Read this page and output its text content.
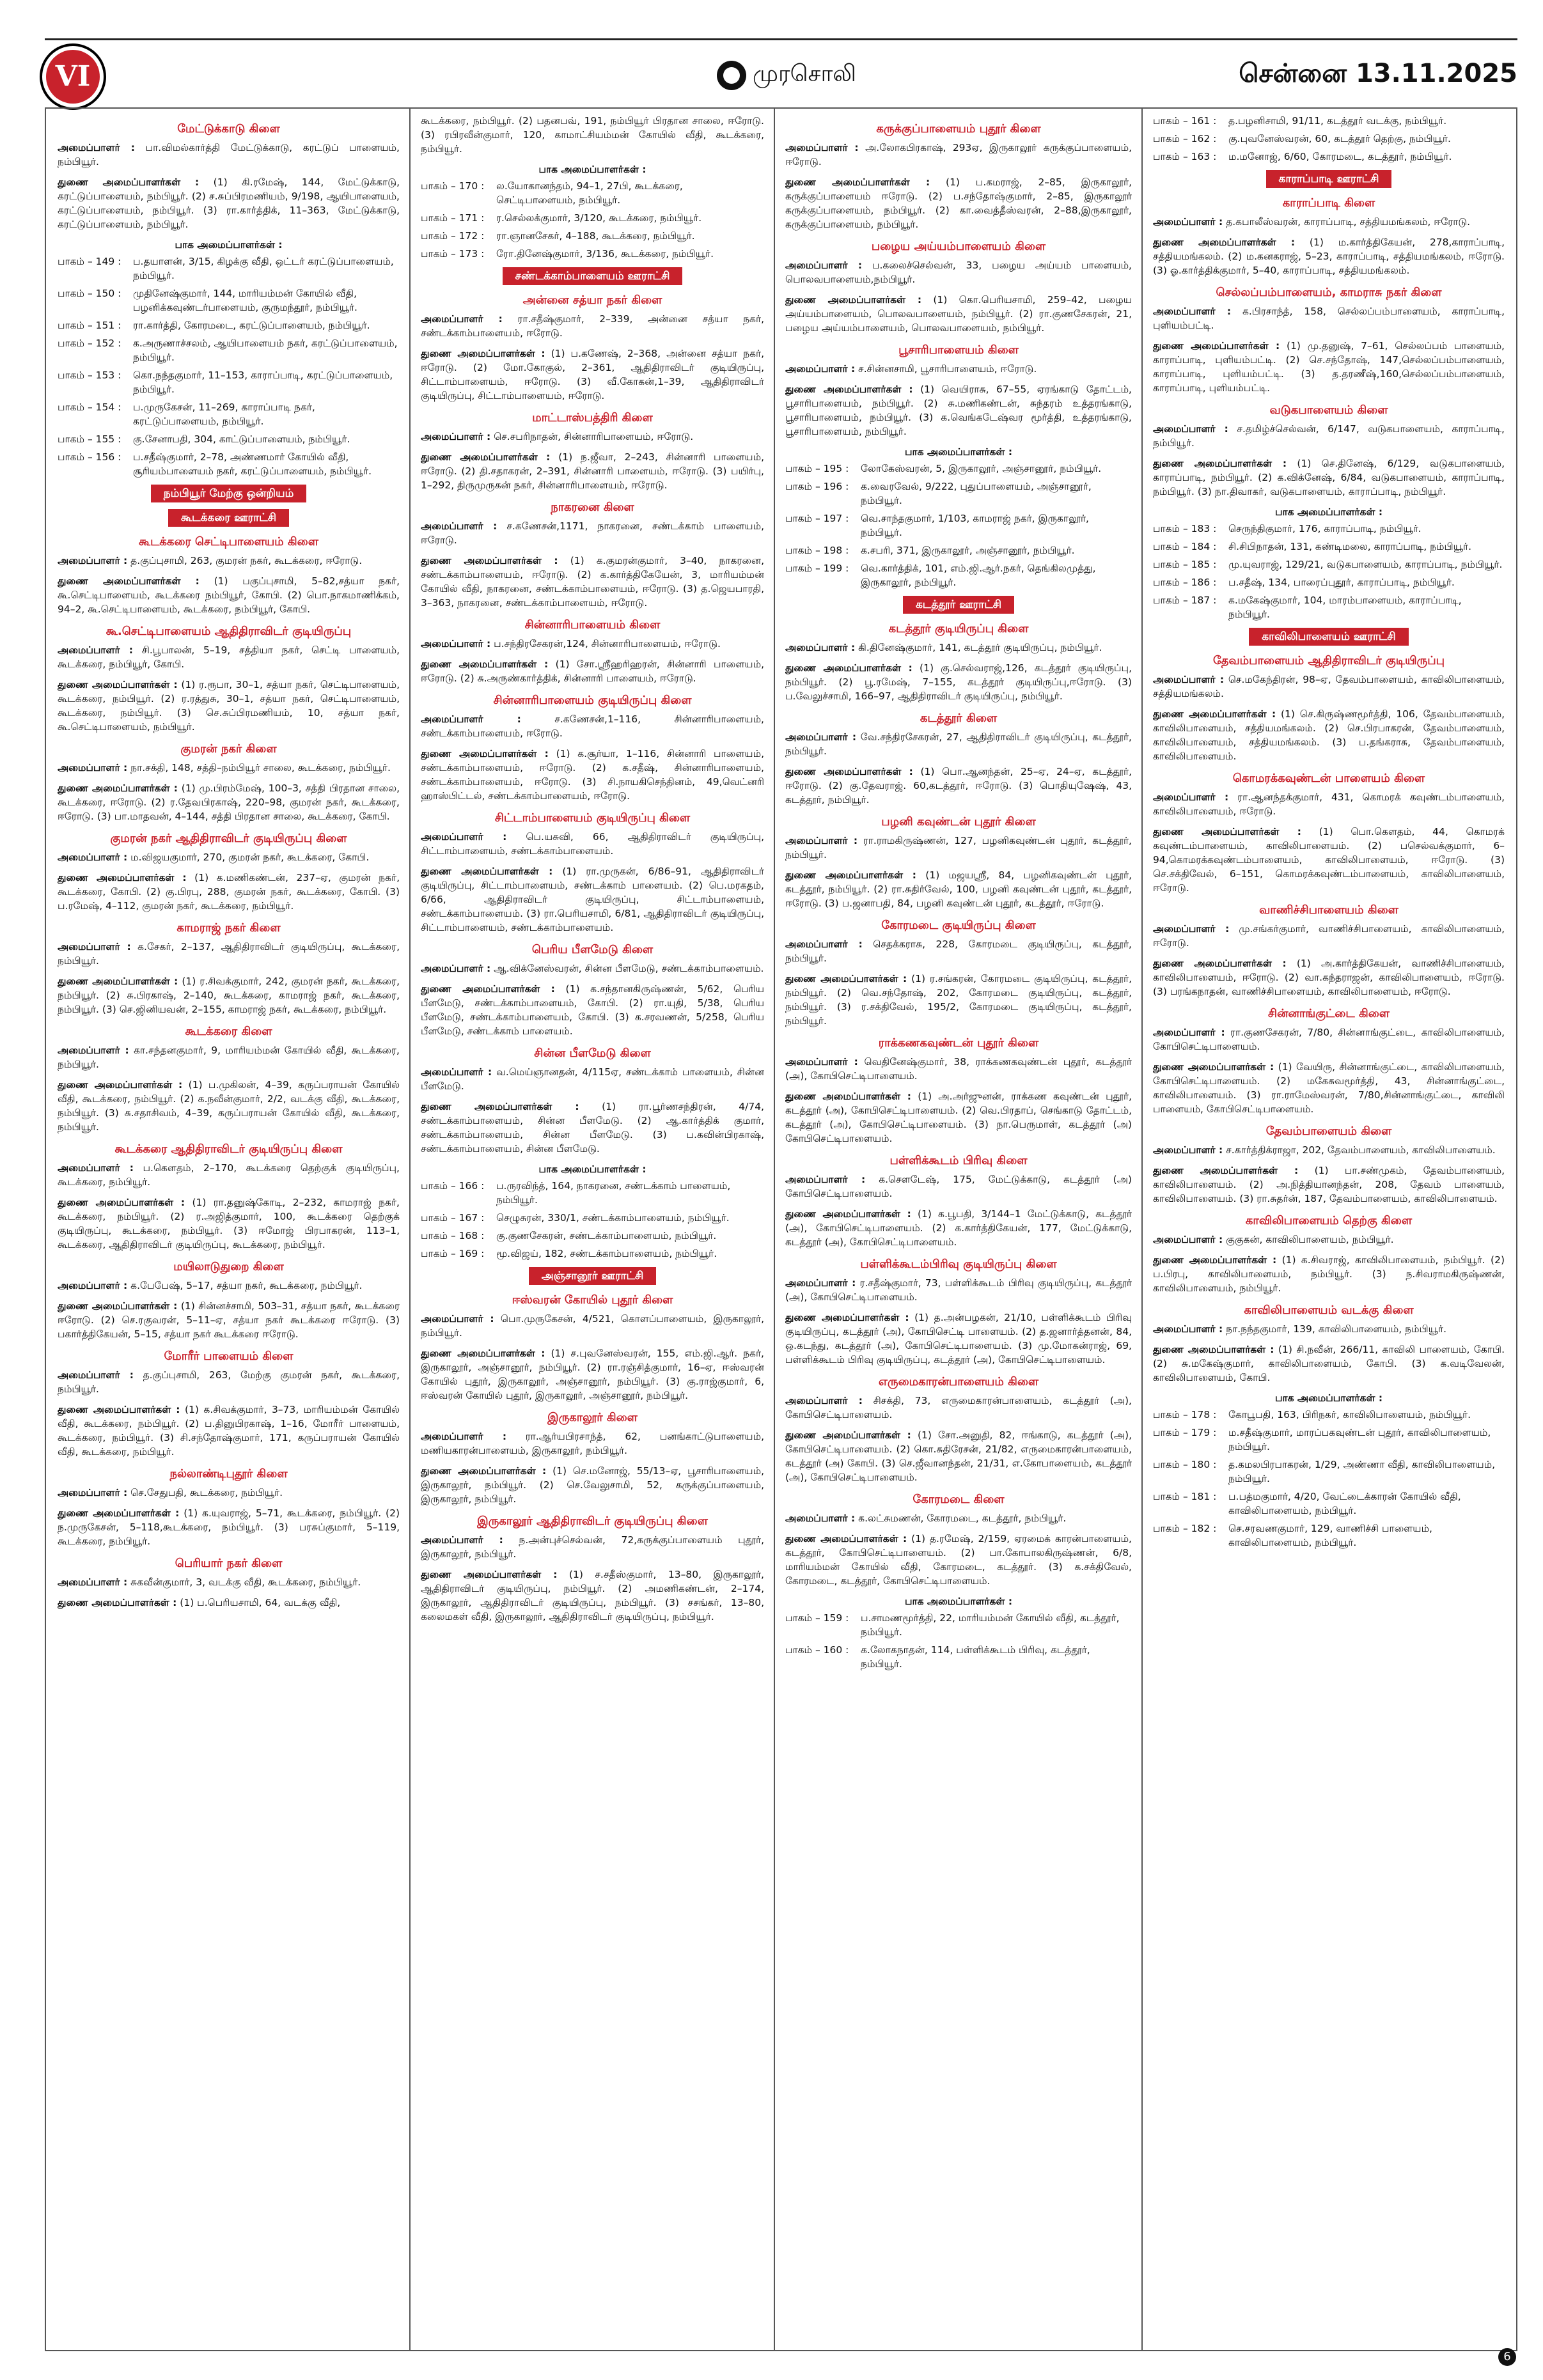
VI	முரசொலி	சென்னை 13.11.2025
மேட்டுக்காடு கிளை

அமைப்பாளர் : பா.விமல்கார்த்தி மேட்டுக்காடு, கரட்டுப் பாளையம், நம்பியூர்.

துணை அமைப்பாளர்கள் : (1) கி.ரமேஷ், 144, மேட்டுக்காடு, கரட்டுப்பாளையம், நம்பியூர். (2) ச.சுப்பிரமணியம், 9/198, ஆயிபாளையம், கரட்டுப்பாளையம், நம்பியூர். (3) ரா.கார்த்திக், 11–363, மேட்டுக்காடு, கரட்டுப்பாளையம், நம்பியூர்.

பாக அமைப்பாளர்கள் :
பாகம் – 149 :	ப.தயாளன், 3/15, கிழக்கு வீதி, ஒட்டர் கரட்டுப்பாளையம், நம்பியூர்.
பாகம் – 150 :	முதினேஷ்குமார், 144, மாரியம்மன் கோயில் வீதி, பழனிக்கவுண்டர்பாளையம், குருமந்தூர், நம்பியூர்.
பாகம் – 151 :	ரா.கார்த்தி, கோரமடை, கரட்டுப்பாளையம், நம்பியூர்.
பாகம் – 152 :	க.அருணாச்சலம், ஆயிபாளையம் நகர், கரட்டுப்பாளையம், நம்பியூர்.
பாகம் – 153 :	கொ.நந்தகுமார், 11–153, காராப்பாடி, கரட்டுப்பாளையம், நம்பியூர்.
பாகம் – 154 :	ப.முருகேசன், 11–269, காராப்பாடி நகர், கரட்டுப்பாளையம், நம்பியூர்.
பாகம் – 155 :	கு.சேனாபதி, 304, காட்டுப்பாளையம், நம்பியூர்.
பாகம் – 156 :	ப.சதீஷ்குமார், 2–78, அண்ணமார் கோயில் வீதி, சூரியம்பாளையம் நகர், கரட்டுப்பாளையம், நம்பியூர்.
நம்பியூர் மேற்கு ஒன்றியம்
கூடக்கரை ஊராட்சி
கூடக்கரை செட்டிபாளையம் கிளை

அமைப்பாளர் : த.குப்புசாமி, 263, குமரன் நகர், கூடக்கரை, ஈரோடு.

துணை அமைப்பாளர்கள் : (1) பகுப்புசாமி, 5–82,சத்யா நகர், கூ.செட்டிபாளையம், கூடக்கரை நம்பியூர், கோபி. (2) பொ.நாகமாணிக்கம், 94–2, கூ.செட்டிபாளையம், கூடக்கரை, நம்பியூர், கோபி.

கூ.செட்டிபாளையம் ஆதிதிராவிடர் குடியிருப்பு

அமைப்பாளர் : சி.பூபாலன், 5–19, சத்தியா நகர், செட்டி பாளையம், கூடக்கரை, நம்பியூர், கோபி.

துணை அமைப்பாளர்கள் : (1) ர.ரூபா, 30–1, சத்யா நகர், செட்டிபாளையம், கூடக்கரை, நம்பியூர். (2) ர.ரத்துசு, 30–1, சத்யா நகர், செட்டிபாளையம், கூடக்கரை, நம்பியூர். (3) செ.சுப்பிரமணியம், 10, சத்யா நகர், கூ.செட்டிபாளையம், நம்பியூர்.

குமரன் நகர் கிளை

அமைப்பாளர் : நா.சக்தி, 148, சத்தி–நம்பியூர் சாலை, கூடக்கரை, நம்பியூர்.

துணை அமைப்பாளர்கள் : (1) மு.பிரம்மேஷ், 100–3, சத்தி பிரதான சாலை, கூடக்கரை, ஈரோடு. (2) ர.தேவபிரகாஷ், 220–98, குமரன் நகர், கூடக்கரை, ஈரோடு. (3) பா.மாதவன், 4–144, சத்தி பிரதான சாலை, கூடக்கரை, கோபி.

குமரன் நகர் ஆதிதிராவிடர் குடியிருப்பு கிளை

அமைப்பாளர் : ம.விஜயகுமார், 270, குமரன் நகர், கூடக்கரை, கோபி.

துணை அமைப்பாளர்கள் : (1) க.மணிகண்டன், 237–ஏ, குமரன் நகர், கூடக்கரை, கோபி. (2) கு.பிரபு, 288, குமரன் நகர், கூடக்கரை, கோபி. (3) ப.ரமேஷ், 4–112, குமரன் நகர், கூடக்கரை, நம்பியூர்.

காமராஜ் நகர் கிளை

அமைப்பாளர் : க.சேகர், 2–137, ஆதிதிராவிடர் குடியிருப்பு, கூடக்கரை, நம்பியூர்.

துணை அமைப்பாளர்கள் : (1) ர.சிவக்குமார், 242, குமரன் நகர், கூடக்கரை, நம்பியூர். (2) சு.பிரகாஷ், 2–140, கூடக்கரை, காமராஜ் நகர், கூடக்கரை, நம்பியூர். (3) செ.ஜினியவன், 2–155, காமராஜ் நகர், கூடக்கரை, நம்பியூர்.

கூடக்கரை கிளை

அமைப்பாளர் : கா.சந்தனகுமார், 9, மாரியம்மன் கோயில் வீதி, கூடக்கரை, நம்பியூர்.

துணை அமைப்பாளர்கள் : (1) ப.முகிலன், 4–39, கருப்பராயன் கோயில் வீதி, கூடக்கரை, நம்பியூர். (2) க.நவீன்குமார், 2/2, வடக்கு வீதி, கூடக்கரை, நம்பியூர். (3) சு.சதாசிவம், 4–39, கருப்பராயன் கோயில் வீதி, கூடக்கரை, நம்பியூர்.

கூடக்கரை ஆதிதிராவிடர் குடியிருப்பு கிளை

அமைப்பாளர் : ப.கௌதம், 2–170, கூடக்கரை தெற்குக் குடியிருப்பு, கூடக்கரை, நம்பியூர்.

துணை அமைப்பாளர்கள் : (1) ரா.தனுஷ்கோடி, 2–232, காமராஜ் நகர், கூடக்கரை, நம்பியூர். (2) ர.அஜித்குமார், 100, கூடக்கரை தெற்குக் குடியிருப்பு, கூடக்கரை, நம்பியூர். (3) ஈமோஜ் பிரபாகரன், 113–1, கூடக்கரை, ஆதிதிராவிடர் குடியிருப்பு, கூடக்கரை, நம்பியூர்.

மயிலாடுதுறை கிளை

அமைப்பாளர் : க.பேபேஷ், 5–17, சத்யா நகர், கூடக்கரை, நம்பியூர்.

துணை அமைப்பாளர்கள் : (1) சின்னச்சாமி, 503–31, சத்யா நகர், கூடக்கரை ஈரோடு. (2) செ.ரகுவரன், 5–11–ஏ, சத்யா நகர் கூடக்கரை ஈரோடு. (3) பகார்த்திகேயன், 5–15, சத்யா நகர் கூடக்கரை ஈரோடு.

மோரீர் பாளையம் கிளை

அமைப்பாளர் : த.குப்புசாமி, 263, மேற்கு குமரன் நகர், கூடக்கரை, நம்பியூர்.

துணை அமைப்பாளர்கள் : (1) க.சிவக்குமார், 3–73, மாரியம்மன் கோயில் வீதி, கூடக்கரை, நம்பியூர். (2) ப.தினுபிரகாஷ், 1–16, மோரீர் பாளையம், கூடக்கரை, நம்பியூர். (3) சி.சந்தோஷ்குமார், 171, கருப்பராயன் கோயில் வீதி, கூடக்கரை, நம்பியூர்.

நல்லாண்டிபுதூர் கிளை

அமைப்பாளர் : செ.சேதுபதி, கூடக்கரை, நம்பியூர்.

துணை அமைப்பாளர்கள் : (1) க.யுவராஜ், 5–71, கூடக்கரை, நம்பியூர். (2) ந.முருகேசன், 5–118,கூடக்கரை, நம்பியூர். (3) பரசுப்குமார், 5–119, கூடக்கரை, நம்பியூர்.

பெரியார் நகர் கிளை

அமைப்பாளர் : சுகவீன்குமார், 3, வடக்கு வீதி, கூடக்கரை, நம்பியூர்.

துணை அமைப்பாளர்கள் : (1) ப.பெரியசாமி, 64, வடக்கு வீதி,

கூடக்கரை, நம்பியூர். (2) பதனபவ், 191, நம்பியூர் பிரதான சாலை, ஈரோடு. (3) ரபிரவீன்குமார், 120, காமாட்சியம்மன் கோயில் வீதி, கூடக்கரை, நம்பியூர்.

பாக அமைப்பாளர்கள் :
பாகம் – 170 :	ல.யோகானந்தம், 94–1, 27பி, கூடக்கரை, செட்டிபாளையம், நம்பியூர்.
பாகம் – 171 :	ர.செல்லக்குமார், 3/120, கூடக்கரை, நம்பியூர்.
பாகம் – 172 :	ரா.ஞானசேகர், 4–188, கூடக்கரை, நம்பியூர்.
பாகம் – 173 :	ரோ.தினேஷ்குமார், 3/136, கூடக்கரை, நம்பியூர்.
சண்டக்காம்பாளையம் ஊராட்சி
அன்னை சத்யா நகர் கிளை

அமைப்பாளர் : ரா.சதீஷ்குமார், 2–339, அன்னை சத்யா நகர், சண்டக்காம்பாளையம், ஈரோடு.

துணை அமைப்பாளர்கள் : (1) ப.கணேஷ், 2–368, அன்னை சத்யா நகர், ஈரோடு. (2) மோ.கோகுல், 2–361, ஆதிதிராவிடர் குடியிருப்பு, சிட்டாம்பாளையம், ஈரோடு. (3) வீ.கோகன்,1–39, ஆதிதிராவிடர் குடியிருப்பு, சிட்டாம்பாளையம், ஈரோடு.

மாட்டாஸ்பத்திரி கிளை

அமைப்பாளர் : செ.சபரிநாதன், சின்னாரிபாளையம், ஈரோடு.

துணை அமைப்பாளர்கள் : (1) ந.ஜீவா, 2–243, சின்னாரி பாளையம், ஈரோடு. (2) தி.சதாகரன், 2–391, சின்னாரி பாளையம், ஈரோடு. (3) பயிர்பு, 1–292, திருமுருகன் நகர், சின்னாரிபாளையம், ஈரோடு.

நாகரனை கிளை

அமைப்பாளர் : ச.கணேசன்,1171, நாகரனை, சண்டக்காம் பாளையம், ஈரோடு.

துணை அமைப்பாளர்கள் : (1) க.குமரன்குமார், 3–40, நாகரனை, சண்டக்காம்பாளையம், ஈரோடு. (2) க.கார்த்திகேயேன், 3, மாரியம்மன் கோயில் வீதி, நாகரனை, சண்டக்காம்பாளையம், ஈரோடு. (3) த.ஜெயபாரதி, 3–363, நாகரனை, சண்டக்காம்பாளையம், ஈரோடு.

சின்னாரிபாளையம் கிளை

அமைப்பாளர் : ப.சந்திரசேகரன்,124, சின்னாரிபாளையம், ஈரோடு.

துணை அமைப்பாளர்கள் : (1) சோ.ஸ்ரீஹரிஹரன், சின்னாரி பாளையம், ஈரோடு. (2) சு.அருண்கார்த்திக், சின்னாரி பாளையம், ஈரோடு.

சின்னாரிபாளையம் குடியிருப்பு கிளை

அமைப்பாளர் :	ச.கணேசன்,1–116, சின்னாரிபாளையம், சண்டக்காம்பாளையம், ஈரோடு.

துணை அமைப்பாளர்கள் : (1) க.சூர்யா, 1–116, சின்னாரி பாளையம், சண்டக்காம்பாளையம், ஈரோடு. (2) க.சதீஷ், சின்னாரிபாளையம், சண்டக்காம்பாளையம், ஈரோடு. (3) சி.நாயகிசெந்தினம், 49,வெட்னரி ஹாஸ்பிட்டல், சண்டக்காம்பாளையம், ஈரோடு.

சிட்டாம்பாளையம் குடியிருப்பு கிளை

அமைப்பாளர் : பெ.யசுவி, 66, ஆதிதிராவிடர் குடியிருப்பு, சிட்டாம்பாளையம், சண்டக்காம்பாளையம்.

துணை அமைப்பாளர்கள் : (1) ரா.முருகன், 6/86–91, ஆதிதிராவிடர் குடியிருப்பு, சிட்டாம்பாளையம், சண்டக்காம் பாளையம். (2) பெ.மரகதம், 6/66, ஆதிதிராவிடர் குடியிருப்பு, சிட்டாம்பாளையம், சண்டக்காம்பாளையம். (3) ரா.பெரியசாமி, 6/81, ஆதிதிராவிடர் குடியிருப்பு, சிட்டாம்பாளையம், சண்டக்காம்பாளையம்.

பெரிய பீளமேடு கிளை

அமைப்பாளர் : ஆ.விக்னேஸ்வரன், சின்ன பீளமேடு, சண்டக்காம்பாளையம்.

துணை அமைப்பாளர்கள் : (1) க.சந்தானகிருஷ்ணன், 5/62, பெரிய பீளமேடு, சண்டக்காம்பாளையம், கோபி. (2) ரா.யுதி, 5/38, பெரிய பீளமேடு, சண்டக்காம்பாளையம், கோபி. (3) க.சரவணன், 5/258, பெரிய பீளமேடு, சண்டக்காம் பாளையம்.

சின்ன பீளமேடு கிளை

அமைப்பாளர் : வ.மெய்ஞானதன், 4/115ஏ, சண்டக்காம் பாளையம், சின்ன பீளமேடு.

துணை அமைப்பாளர்கள் : (1) ரா.பூர்ணசந்திரன், 4/74, சண்டக்காம்பாளையம், சின்ன பீளமேடு. (2) ஆ.கார்த்திக் குமார், சண்டக்காம்பாளையம், சின்ன பீளமேடு. (3) ப.கவின்பிரகாஷ், சண்டக்காம்பாளையம், சின்ன பீளமேடு.

பாக அமைப்பாளர்கள் :
பாகம் – 166 :	ப.ருரவிந்த், 164, நாகரனை, சண்டக்காம் பாளையம், நம்பியூர்.
பாகம் – 167 :	செழுசுரன், 330/1, சண்டக்காம்பாளையம், நம்பியூர்.
பாகம் – 168 :	கு.குணசேகரன், சண்டக்காம்பாளையம், நம்பியூர்.
பாகம் – 169 :	மூ.விஜய், 182, சண்டக்காம்பாளையம், நம்பியூர்.
அஞ்சானூர் ஊராட்சி
ஈஸ்வரன் கோயில் புதூர் கிளை

அமைப்பாளர் : பொ.முருகேசன், 4/521, கொளப்பாளையம், இருகாலூர், நம்பியூர்.

துணை அமைப்பாளர்கள் : (1) ச.புவனேஸ்வரன், 155, எம்.ஜி.ஆர். நகர், இருகாலூர், அஞ்சானூர், நம்பியூர். (2) ரா.ரஞ்சித்குமார், 16–ஏ, ஈஸ்வரன் கோயில் புதூர், இருகாலூர், அஞ்சானூர், நம்பியூர். (3) கு.ராஜ்குமார், 6, ஈஸ்வரன் கோயில் புதூர், இருகாலூர், அஞ்சானூர், நம்பியூர்.

இருகாலூர் கிளை

அமைப்பாளர் : ரா.ஆர்யபிரசாந்த், 62, பனங்காட்டுபாளையம், மணியகாரன்பாளையம், இருகாலூர், நம்பியூர்.

துணை அமைப்பாளர்கள் : (1) செ.மனோஜ், 55/13–ஏ, பூசாரிபாளையம், இருகாலூர், நம்பியூர். (2) செ.வேலுசாமி, 52, கருக்குப்பாளையம், இருகாலூர், நம்பியூர்.

இருகாலூர் ஆதிதிராவிடர் குடியிருப்பு கிளை

அமைப்பாளர் : ந.அன்புச்செல்வன், 72,கருக்குப்பாளையம் புதூர், இருகாலூர், நம்பியூர்.

துணை அமைப்பாளர்கள் : (1) ச.சதீஸ்குமார், 13–80, இருகாலூர், ஆதிதிராவிடர் குடியிருப்பு, நம்பியூர். (2) அமணிகண்டன், 2–174, இருகாலூர், ஆதிதிராவிடர் குடியிருப்பு, நம்பியூர். (3) சசங்கர், 13–80, கலைமகள் வீதி, இருகாலூர், ஆதிதிராவிடர் குடியிருப்பு, நம்பியூர்.

கருக்குப்பாளையம் புதூர் கிளை

அமைப்பாளர் : அ.லோகபிரகாஷ், 293ஏ, இருகாலூர் கருக்குப்பாளையம், ஈரோடு.

துணை அமைப்பாளர்கள் : (1) ப.கமராஜ், 2–85, இருகாலூர், கருக்குப்பாளையம் ஈரோடு. (2) ப.சந்தோஷ்குமார், 2–85, இருகாலூர் கருக்குப்பாளையம், நம்பியூர். (2) கா.வைத்தீஸ்வரன், 2–88,இருகாலூர், கருக்குப்பாளையம், நம்பியூர்.

பழைய அய்யம்பாளையம் கிளை

அமைப்பாளர் : ப.கலைச்செல்வன், 33, பழைய அய்யம் பாளையம், பொலவபாளையம்,நம்பியூர்.

துணை அமைப்பாளர்கள் : (1) கொ.பெரியசாமி, 259–42, பழைய அய்யம்பாளையம், பொலவபாளையம், நம்பியூர். (2) ரா.குணசேகரன், 21, பழைய அய்யம்பாளையம், பொலவபாளையம், நம்பியூர்.

பூசாரிபாளையம் கிளை

அமைப்பாளர் : ச.சின்னசாமி, பூசாரிபாளையம், ஈரோடு.

துணை அமைப்பாளர்கள் : (1) வெயிராசு, 67–55, ஏரங்காடு தோட்டம், பூசாரிபாளையம், நம்பியூர். (2) சு.மணிகண்டன், சுந்தரம் உத்தரங்காடு, பூசாரிபாளையம், நம்பியூர். (3) க.வெங்கடேஷ்வர மூர்த்தி, உத்தரங்காடு, பூசாரிபாளையம், நம்பியூர்.

பாக அமைப்பாளர்கள் :
பாகம் – 195 :	லோகேஸ்வரன், 5, இருகாலூர், அஞ்சானூர், நம்பியூர்.
பாகம் – 196 :	க.வைரவேல், 9/222, புதுப்பாளையம், அஞ்சானூர், நம்பியூர்.
பாகம் – 197 :	வெ.சாந்தகுமார், 1/103, காமராஜ் நகர், இருகாலூர், நம்பியூர்.
பாகம் – 198 :	க.சபரி, 371, இருகாலூர், அஞ்சானூர், நம்பியூர்.
பாகம் – 199 :	வெ.கார்த்திக், 101, எம்.ஜி.ஆர்.நகர், தெங்கிலமுத்து, இருகாலூர், நம்பியூர்.
கடத்தூர் ஊராட்சி
கடத்தூர் குடியிருப்பு கிளை

அமைப்பாளர் : கி.தினேஷ்குமார், 141, கடத்தூர் குடியிருப்பு, நம்பியூர்.

துணை அமைப்பாளர்கள் : (1) கு.செல்வராஜ்,126, கடத்தூர் குடியிருப்பு, நம்பியூர். (2) பூ.ரமேஷ், 7–155, கடத்தூர் குடியிருப்பு,ஈரோடு. (3) ப.வேலுச்சாமி, 166–97, ஆதிதிராவிடர் குடியிருப்பு, நம்பியூர்.

கடத்தூர் கிளை

அமைப்பாளர் : வே.சந்திரசேகரன், 27, ஆதிதிராவிடர் குடியிருப்பு, கடத்தூர், நம்பியூர்.

துணை அமைப்பாளர்கள் : (1) பொ.ஆனந்தன், 25–ஏ, 24–ஏ, கடத்தூர், ஈரோடு. (2) கு.தேவராஜ். 60,கடத்தூர், ஈரோடு. (3) பொதியுஷேஷ், 43, கடத்தூர், நம்பியூர்.

பழனி கவுண்டன் புதூர் கிளை

அமைப்பாளர் : ரா.ராமகிருஷ்ணன், 127, பழனிகவுண்டன் புதூர், கடத்தூர், நம்பியூர்.

துணை அமைப்பாளர்கள் : (1) மஜயஸ்ரீ, 84, பழனிகவுண்டன் புதூர், கடத்தூர், நம்பியூர். (2) ரா.சுதிர்வேல், 100, பழனி கவுண்டன் புதூர், கடத்தூர், ஈரோடு. (3) ப.ஜனாபதி, 84, பழனி கவுண்டன் புதூர், கடத்தூர், ஈரோடு.

கோரமடை குடியிருப்பு கிளை

அமைப்பாளர் : செதக்கராசு, 228, கோரமடை குடியிருப்பு, கடத்தூர், நம்பியூர்.

துணை அமைப்பாளர்கள் : (1) ர.சங்கரன், கோரமடை குடியிருப்பு, கடத்தூர், நம்பியூர். (2) வெ.சந்தோஷ், 202, கோரமடை குடியிருப்பு, கடத்தூர், நம்பியூர். (3) ர.சக்திவேல், 195/2, கோரமடை குடியிருப்பு, கடத்தூர், நம்பியூர்.

ராக்கணகவுண்டன் புதூர் கிளை

அமைப்பாளர் : வெதினேஷ்குமார், 38, ராக்கணகவுண்டன் புதூர், கடத்தூர் (அ), கோபிசெட்டிபாளையம்.

துணை அமைப்பாளர்கள் : (1) அ.அர்ஜுனன், ராக்கண கவுண்டன் புதூர், கடத்தூர் (அ), கோபிசெட்டிபாளையம். (2) வெ.பிரதாப், செங்காடு தோட்டம், கடத்தூர் (அ), கோபிசெட்டிபாளையம். (3) நா.பெருமாள், கடத்தூர் (அ) கோபிசெட்டிபாளையம்.

பள்ளிக்கூடம் பிரிவு கிளை

அமைப்பாளர் : க.சௌடேஷ், 175, மேட்டுக்காடு, கடத்தூர் (அ) கோபிசெட்டிபாளையம்.

துணை அமைப்பாளர்கள் : (1) க.பூபதி, 3/144–1 மேட்டுக்காடு, கடத்தூர் (அ), கோபிசெட்டிபாளையம். (2) க.கார்த்திகேயன், 177, மேட்டுக்காடு, கடத்தூர் (அ), கோபிசெட்டிபாளையம்.

பள்ளிக்கூடம்பிரிவு குடியிருப்பு கிளை

அமைப்பாளர் : ர.சதீஷ்குமார், 73, பள்ளிக்கூடம் பிரிவு குடியிருப்பு, கடத்தூர் (அ), கோபிசெட்டிபாளையம்.

துணை அமைப்பாளர்கள் : (1) த.அன்பழகன், 21/10, பள்ளிக்கூடம் பிரிவு குடியிருப்பு, கடத்தூர் (அ), கோபிசெட்டி பாளையம். (2) த.ஜனார்த்தனன், 84, ஒ.கடந்து, கடத்தூர் (அ), கோபிசெட்டிபாளையம். (3) மு.மோகன்ராஜ், 69, பள்ளிக்கூடம் பிரிவு குடியிருப்பு, கடத்தூர் (அ), கோபிசெட்டிபாளையம்.

எருமைகாரன்பாளையம் கிளை

அமைப்பாளர் : சிசக்தி, 73, எருமைகாரன்பாளையம், கடத்தூர் (அ), கோபிசெட்டிபாளையம்.

துணை அமைப்பாளர்கள் : (1) சோ.அனுதி, 82, ஈங்காடு, கடத்தூர் (அ), கோபிசெட்டிபாளையம். (2) கொ.சுதிரேசன், 21/82, எருமைகாரன்பாளையம், கடத்தூர் (அ) கோபி. (3) செ.ஜீவானந்தன், 21/31, எ.கோபாளையம், கடத்தூர் (அ), கோபிசெட்டிபாளையம்.

கோரமடை கிளை

அமைப்பாளர் : க.லட்சுமணன், கோரமடை, கடத்தூர், நம்பியூர்.

துணை அமைப்பாளர்கள் : (1) த.ரமேஷ், 2/159, ஏரமைக் காரன்பாளையம், கடத்தூர், கோபிசெட்டிபாளையம். (2) பா.கோபாலகிருஷ்ணன், 6/8, மாரியம்மன் கோயில் வீதி, கோரமடை, கடத்தூர். (3) க.சக்திவேல், கோரமடை, கடத்தூர், கோபிசெட்டிபாளையம்.

பாக அமைப்பாளர்கள் :
பாகம் – 159 :	ப.சாமணமூர்த்தி, 22, மாரியம்மன் கோயில் வீதி, கடத்தூர், நம்பியூர்.
பாகம் – 160 :	க.லோகநாதன், 114, பள்ளிக்கூடம் பிரிவு, கடத்தூர், நம்பியூர்.
பாகம் – 161 :	த.பழனிசாமி, 91/11, கடத்தூர் வடக்கு, நம்பியூர்.
பாகம் – 162 :	கு.புவனேஸ்வரன், 60, கடத்தூர் தெற்கு, நம்பியூர்.
பாகம் – 163 :	ம.மனோஜ், 6/60, கோரமடை, கடத்தூர், நம்பியூர்.
காராப்பாடி ஊராட்சி
காராப்பாடி கிளை

அமைப்பாளர் : த.கபாலீஸ்வரன், காராப்பாடி, சத்தியமங்கலம், ஈரோடு.

துணை அமைப்பாளர்கள் : (1) ம.கார்த்திகேயன், 278,காராப்பாடி, சத்தியமங்கலம். (2) ம.கனகராஜ், 5–23, காராப்பாடி, சத்தியமங்கலம், ஈரோடு. (3) ஓ.கார்த்திக்குமார், 5–40, காராப்பாடி, சத்தியமங்கலம்.

செல்லப்பம்பாளையம், காமராசு நகர் கிளை

அமைப்பாளர் : க.பிரசாந்த், 158, செல்லப்பம்பாளையம், காராப்பாடி, புளியம்பட்டி.

துணை அமைப்பாளர்கள் : (1) மு.தனுஷ், 7–61, செல்லப்பம் பாளையம், காராப்பாடி, புளியம்பட்டி. (2) செ.சந்தோஷ், 147,செல்லப்பம்பாளையம், காராப்பாடி, புளியம்பட்டி. (3) த.தரணீஷ்,160,செல்லப்பம்பாளையம், காராப்பாடி, புளியம்பட்டி.

வடுகபாளையம் கிளை

அமைப்பாளர் : ச.தமிழ்ச்செல்வன், 6/147, வடுகபாளையம், காராப்பாடி, நம்பியூர்.

துணை அமைப்பாளர்கள் : (1) செ.தினேஷ், 6/129, வடுகபாளையம், காராப்பாடி, நம்பியூர். (2) க.விக்னேஷ், 6/84, வடுகபாளையம், காராப்பாடி, நம்பியூர். (3) நா.திவாகர், வடுகபாளையம், காராப்பாடி, நம்பியூர்.

பாக அமைப்பாளர்கள் :
பாகம் – 183 :	செருந்திகுமார், 176, காராப்பாடி, நம்பியூர்.
பாகம் – 184 :	சி.சிபிநாதன், 131, கண்டிமலை, காராப்பாடி, நம்பியூர்.
பாகம் – 185 :	மு.யுவராஜ், 129/21, வடுகபாளையம், காராப்பாடி, நம்பியூர்.
பாகம் – 186 :	ப.சதீஷ், 134, பாரைப்புதூர், காராப்பாடி, நம்பியூர்.
பாகம் – 187 :	க.மகேஷ்குமார், 104, மாரம்பாளையம், காராப்பாடி, நம்பியூர்.
காவிலிபாளையம் ஊராட்சி
தேவம்பாளையம் ஆதிதிராவிடர் குடியிருப்பு

அமைப்பாளர் : செ.மகேந்திரன், 98–ஏ, தேவம்பாளையம், காவிலிபாளையம், சத்தியமங்கலம்.

துணை அமைப்பாளர்கள் : (1) செ.கிருஷ்ணமூர்த்தி, 106, தேவம்பாளையம், காவிலிபாளையம், சத்தியமங்கலம். (2) செ.பிரபாகரன், தேவம்பாளையம், காவிலிபாளையம், சத்தியமங்கலம். (3) ப.தங்கராசு, தேவம்பாளையம், காவிலிபாளையம்.

கொமரக்கவுண்டன் பாளையம் கிளை

அமைப்பாளர் : ரா.ஆனந்தக்குமார், 431, கொமரக் கவுண்டம்பாளையம், காவிலிபாளையம், ஈரோடு.

துணை அமைப்பாளர்கள் : (1) பொ.கௌதம், 44, கொமரக் கவுண்டம்பாளையம், காவிலிபாளையம். (2) பசெல்வக்குமார், 6–94,கொமரக்கவுண்டம்பாளையம், காவிலிபாளையம், ஈரோடு. (3) செ.சக்திவேல், 6–151, கொமரக்கவுண்டம்பாளையம், காவிலிபாளையம், ஈரோடு.

வாணிச்சிபாளையம் கிளை

அமைப்பாளர் : மு.சங்கர்குமார், வாணிச்சிபாளையம், காவிலிபாளையம், ஈரோடு.

துணை அமைப்பாளர்கள் : (1) அ.கார்த்திகேயன், வாணிச்சிபாளையம், காவிலிபாளையம், ஈரோடு. (2) வா.கந்தராஜன், காவிலிபாளையம், ஈரோடு. (3) பரங்கநாதன், வாணிச்சிபாளையம், காவிலிபாளையம், ஈரோடு.

சின்னாங்குட்டை கிளை

அமைப்பாளர் : ரா.குணசேகரன், 7/80, சின்னாங்குட்டை, காவிலிபாளையம், கோபிசெட்டிபாளையம்.

துணை அமைப்பாளர்கள் : (1) வேயிரு, சின்னாங்குட்டை, காவிலிபாளையம், கோபிசெட்டிபாளையம். (2) மகேசுவமூர்த்தி, 43, சின்னாங்குட்டை, காவிலிபாளையம். (3) ரா.ராமேஸ்வரன், 7/80,சின்னாங்குட்டை, காவிலி பாளையம், கோபிசெட்டிபாளையம்.

தேவம்பாளையம் கிளை

அமைப்பாளர் : ச.கார்த்திக்ராஜா, 202, தேவம்பாளையம், காவிலிபாளையம்.

துணை அமைப்பாளர்கள் : (1) பா.சண்முகம், தேவம்பாளையம், காவிலிபாளையம். (2) அ.நித்தியானந்தன், 208, தேவம் பாளையம், காவிலிபாளையம். (3) ரா.சுதர்ன், 187, தேவம்பாளையம், காவிலிபாளையம்.

காவிலிபாளையம் தெற்கு கிளை

அமைப்பாளர் : குகுகன், காவிலிபாளையம், நம்பியூர்.

துணை அமைப்பாளர்கள் : (1) க.சிவராஜ், காவிலிபாளையம், நம்பியூர். (2) ப.பிரபு, காவிலிபாளையம், நம்பியூர். (3) ந.சிவராமகிருஷ்ணன், காவிலிபாளையம், நம்பியூர்.

காவிலிபாளையம் வடக்கு கிளை

அமைப்பாளர் : நா.நந்தகுமார், 139, காவிலிபாளையம், நம்பியூர்.

துணை அமைப்பாளர்கள் : (1) சி.நவீன், 266/11, காவிலி பாளையம், கோபி. (2) சு.மகேஷ்குமார், காவிலிபாளையம், கோபி. (3) க.வடிவேலன், காவிலிபாளையம், கோபி.

பாக அமைப்பாளர்கள் :
பாகம் – 178 :	கோபூபதி, 163, பிரிநகர், காவிலிபாளையம், நம்பியூர்.
பாகம் – 179 :	ம.சதீஷ்குமார், மாரப்பகவுண்டன் புதூர், காவிலிபாளையம், நம்பியூர்.
பாகம் – 180 :	த.கமலபிரபாகரன், 1/29, அண்ணா வீதி, காவிலிபாளையம், நம்பியூர்.
பாகம் – 181 :	ப.பத்மகுமார், 4/20, வேட்டைக்காரன் கோயில் வீதி, காவிலிபாளையம், நம்பியூர்.
பாகம் – 182 :	செ.சரவணகுமார், 129, வாணிச்சி பாளையம், காவிலிபாளையம், நம்பியூர்.
6
